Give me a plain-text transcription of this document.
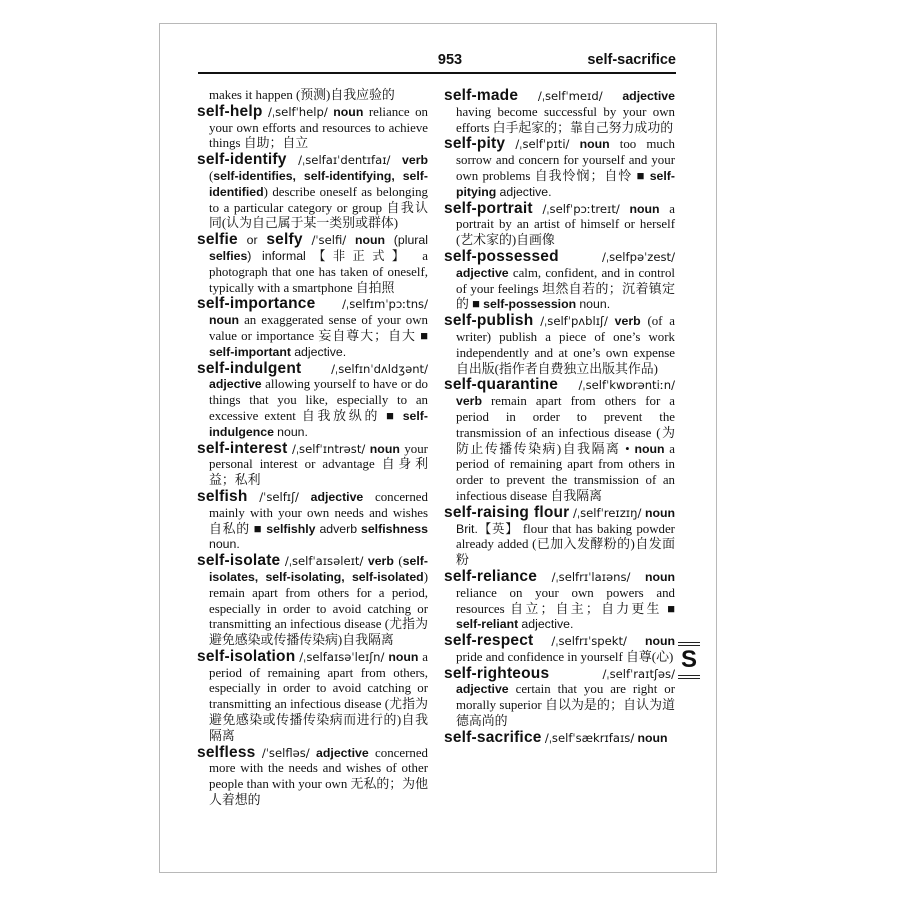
953	self-sacrifice

makes it happen (预测)自我应验的

self-help /ˌselfˈhelp/ noun reliance on your own efforts and resources to achieve things 自助；自立

self-identify /ˌselfaɪˈdentɪfaɪ/ verb (self-identifies, self-identifying, self-identified) describe oneself as belonging to a particular category or group 自我认同(认为自己属于某一类别或群体)

selfie or selfy /ˈselfi/ noun (plural selfies) informal【非正式】 a photograph that one has taken of oneself, typically with a smartphone 自拍照

self-importance /ˌselfɪmˈpɔːtns/ noun an exaggerated sense of your own value or importance 妄自尊大；自大 ■ self-important adjective.

self-indulgent	/ˌselfɪnˈdʌldʒənt/ adjective allowing yourself to have or do things that you like, especially to an excessive extent 自我放纵的 ■ self-indulgence noun.

self-interest /ˌselfˈɪntrəst/ noun your personal interest or advantage 自身利益；私利

selfish /ˈselfɪʃ/ adjective concerned mainly with your own needs and wishes 自私的 ■ selfishly adverb selfishness noun.

self-isolate /ˌselfˈaɪsəleɪt/ verb (self-isolates, self-isolating, self-isolated) remain apart from others for a period, especially in order to avoid catching or transmitting an infectious disease (尤指为避免感染或传播传染病)自我隔离

self-isolation /ˌselfaɪsəˈleɪʃn/ noun a period of remaining apart from others, especially in order to avoid catching or transmitting an infectious disease (尤指为避免感染或传播传染病而进行的)自我隔离

selfless /ˈselfləs/ adjective concerned more with the needs and wishes of other people than with your own 无私的；为他人着想的

self-made /ˌselfˈmeɪd/ adjective having become successful by your own efforts 白手起家的；靠自己努力成功的

self-pity /ˌselfˈpɪti/ noun too much sorrow and concern for yourself and your own problems 自我怜悯；自怜 ■ self-pitying adjective.

self-portrait /ˌselfˈpɔːtreɪt/ noun a portrait by an artist of himself or herself (艺术家的)自画像

self-possessed	/ˌselfpəˈzest/ adjective calm, confident, and in control of your feelings 坦然自若的；沉着镇定的 ■ self-possession noun.

self-publish /ˌselfˈpʌblɪʃ/ verb (of a writer) publish a piece of one’s work independently and at one’s own expense 自出版(指作者自费独立出版其作品)

self-quarantine /ˌselfˈkwɒrəntiːn/ verb remain apart from others for a period in order to prevent the transmission of an infectious disease (为防止传播传染病)自我隔离 • noun a period of remaining apart from others in order to prevent the transmission of an infectious disease 自我隔离

self-raising flour /ˌselfˈreɪzɪŋ/ noun Brit.【英】 flour that has baking powder already added (已加入发酵粉的)自发面粉

self-reliance /ˌselfrɪˈlaɪəns/ noun reliance on your own powers and resources 自立；自主；自力更生 ■ self-reliant adjective.

self-respect /ˌselfrɪˈspekt/ noun pride and confidence in yourself 自尊(心)

self-righteous	/ˌselfˈraɪtʃəs/ adjective certain that you are right or morally superior 自以为是的；自认为道德高尚的

self-sacrifice /ˌselfˈsækrɪfaɪs/ noun

S
